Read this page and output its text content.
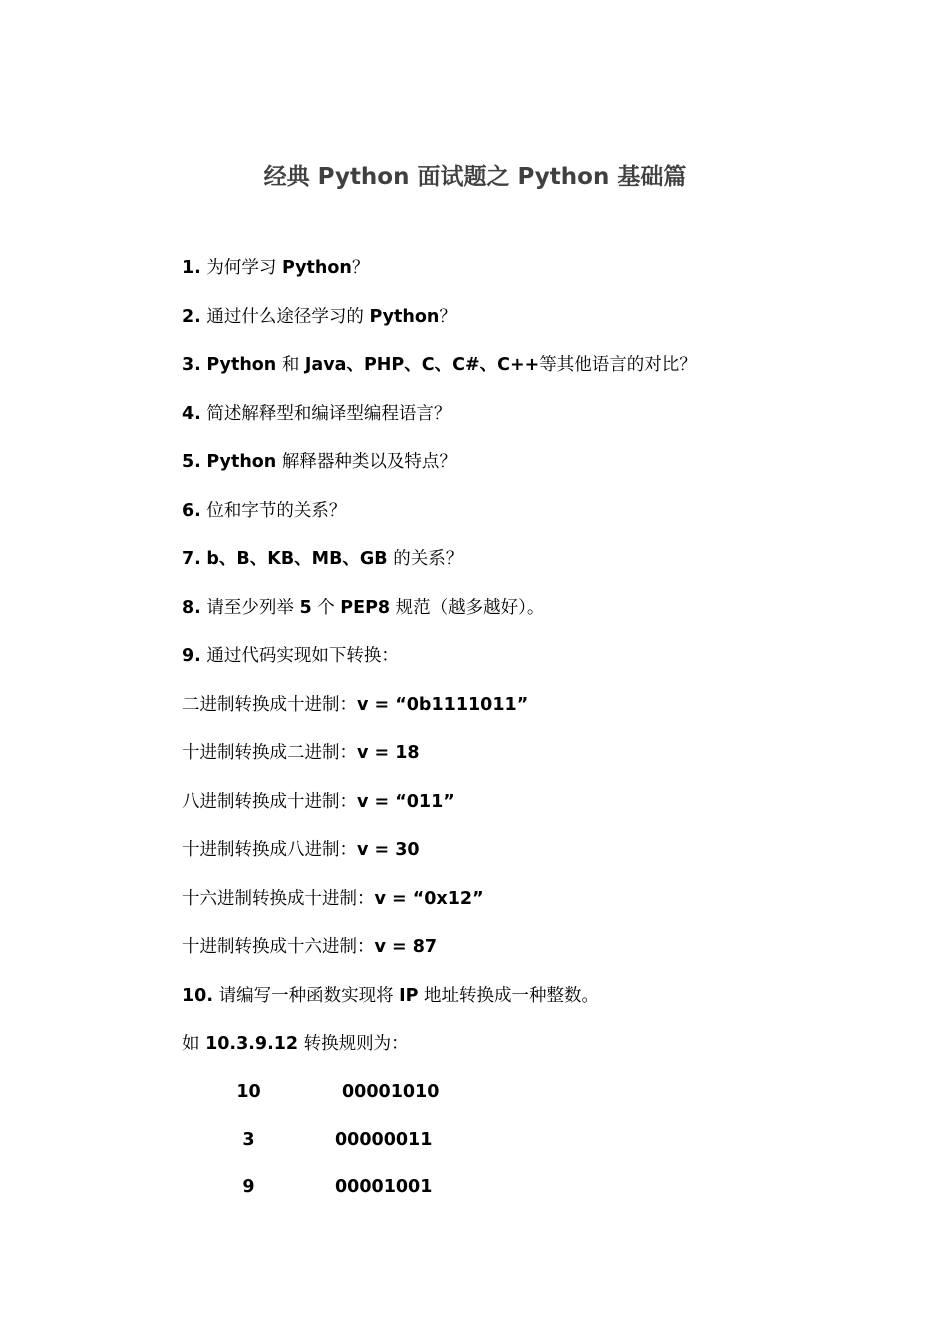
经典 Python 面试题之 Python 基础篇
1. 为何学习 Python？
2. 通过什么途径学习的 Python？
3. Python 和 Java、PHP、C、C#、C++等其他语言的对比？
4. 简述解释型和编译型编程语言？
5. Python 解释器种类以及特点？
6. 位和字节的关系？
7. b、B、KB、MB、GB 的关系？
8. 请至少列举 5 个 PEP8 规范（越多越好）。
9. 通过代码实现如下转换：
二进制转换成十进制：v = “0b1111011”
十进制转换成二进制：v = 18
八进制转换成十进制：v = “011”
十进制转换成八进制：v = 30
十六进制转换成十进制：v = “0x12”
十进制转换成十六进制：v = 87
10. 请编写一种函数实现将 IP 地址转换成一种整数。
如 10.3.9.12 转换规则为：
10	00001010
3	00000011
9	00001001
